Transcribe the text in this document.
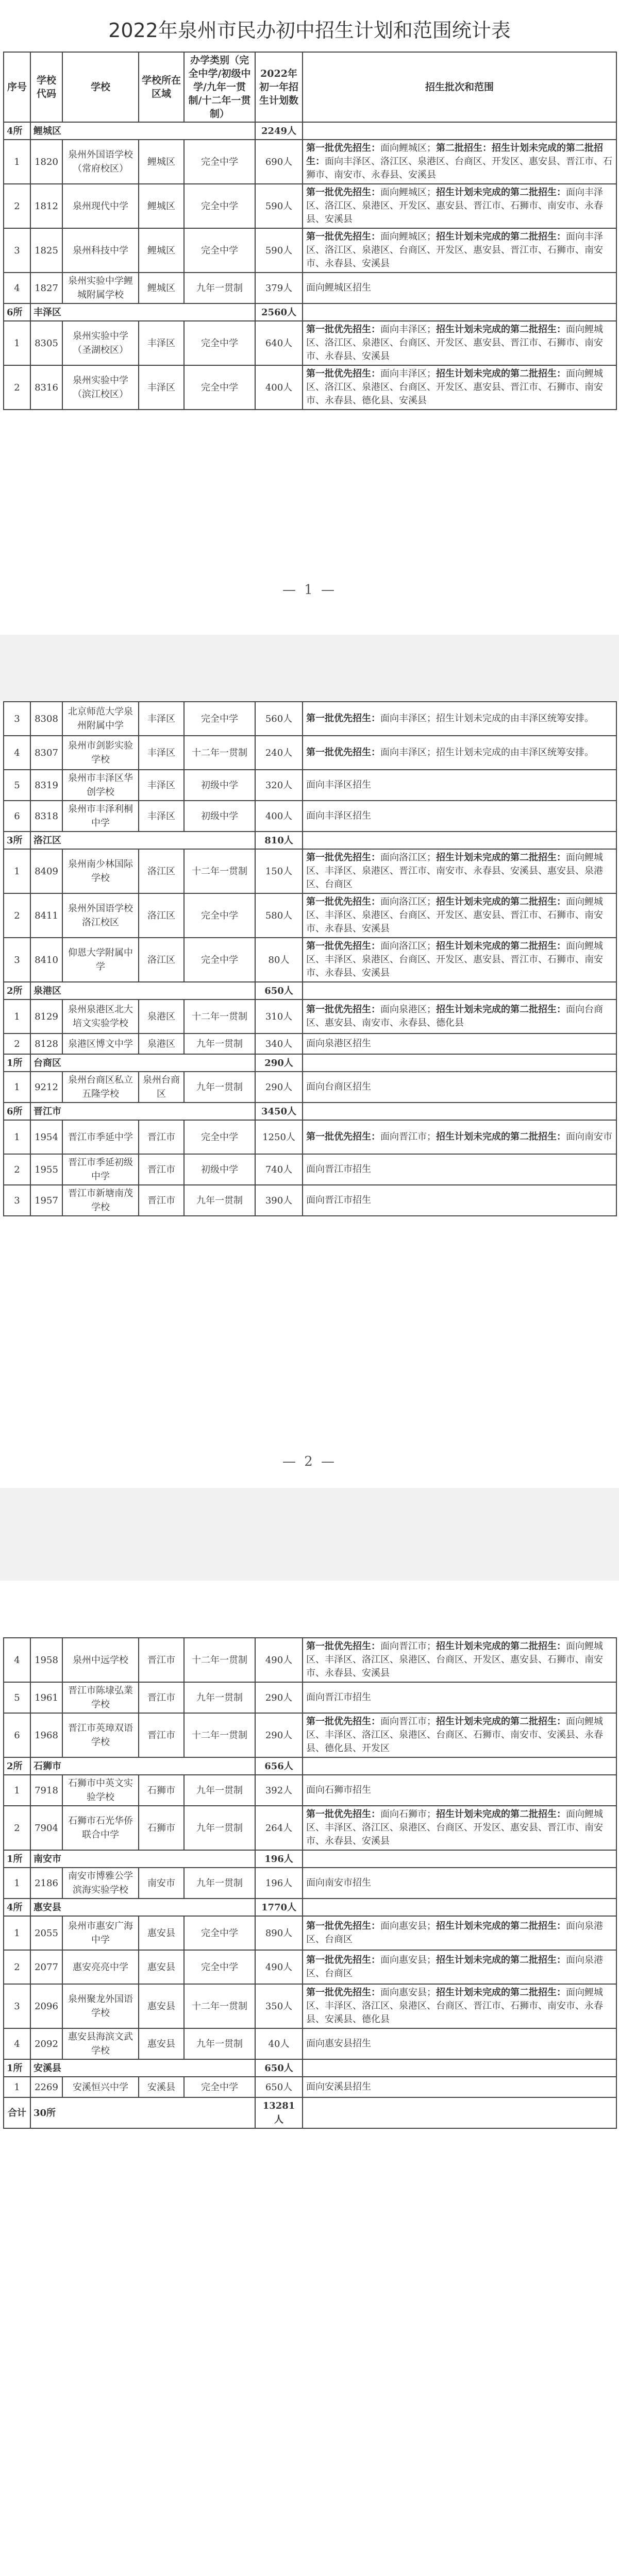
2022年泉州市民办初中招生计划和范围统计表
序号	学校代码	学校	学校所在区域	办学类别（完全中学/初级中学/九年一贯制/十二年一贯制）	2022年初一年招生计划数	招生批次和范围
4所	鲤城区				2249人	
1	1820	泉州外国语学校（常府校区）	鲤城区	完全中学	690人	第一批优先招生：面向鲤城区；第二批招生：招生计划未完成的第二批招生：面向丰泽区、洛江区、泉港区、台商区、开发区、惠安县、晋江市、石狮市、南安市、永春县、安溪县
2	1812	泉州现代中学	鲤城区	完全中学	590人	第一批优先招生：面向鲤城区；招生计划未完成的第二批招生：面向丰泽区、洛江区、泉港区、开发区、惠安县、晋江市、石狮市、南安市、永春县、安溪县
3	1825	泉州科技中学	鲤城区	完全中学	590人	第一批优先招生：面向鲤城区；招生计划未完成的第二批招生：面向丰泽区、洛江区、泉港区、台商区、开发区、惠安县、晋江市、石狮市、南安市、永春县、安溪县
4	1827	泉州实验中学鲤城附属学校	鲤城区	九年一贯制	379人	面向鲤城区招生
6所	丰泽区				2560人	
1	8305	泉州实验中学（圣湖校区）	丰泽区	完全中学	640人	第一批优先招生：面向丰泽区；招生计划未完成的第二批招生：面向鲤城区、洛江区、泉港区、台商区、开发区、惠安县、晋江市、石狮市、南安市、永春县、安溪县
2	8316	泉州实验中学（滨江校区）	丰泽区	完全中学	400人	第一批优先招生：面向丰泽区；招生计划未完成的第二批招生：面向鲤城区、洛江区、泉港区、台商区、开发区、惠安县、晋江市、石狮市、南安市、永春县、德化县、安溪县
— 1 —
3	8308	北京师范大学泉州附属中学	丰泽区	完全中学	560人	第一批优先招生：面向丰泽区；招生计划未完成的由丰泽区统筹安排。
4	8307	泉州市剑影实验学校	丰泽区	十二年一贯制	240人	第一批优先招生：面向丰泽区；招生计划未完成的由丰泽区统筹安排。
5	8319	泉州市丰泽区华创学校	丰泽区	初级中学	320人	面向丰泽区招生
6	8318	泉州市丰泽利桐中学	丰泽区	初级中学	400人	面向丰泽区招生
3所	洛江区				810人	
1	8409	泉州南少林国际学校	洛江区	十二年一贯制	150人	第一批优先招生：面向洛江区；招生计划未完成的第二批招生：面向鲤城区、丰泽区、泉港区、晋江市、南安市、永春县、安溪县、惠安县、泉港区、台商区
2	8411	泉州外国语学校洛江校区	洛江区	完全中学	580人	第一批优先招生：面向洛江区；招生计划未完成的第二批招生：面向鲤城区、丰泽区、泉港区、台商区、开发区、惠安县、晋江市、石狮市、南安市、永春县、安溪县
3	8410	仰恩大学附属中学	洛江区	完全中学	80人	第一批优先招生：面向洛江区；招生计划未完成的第二批招生：面向鲤城区、丰泽区、泉港区、台商区、开发区、惠安县、晋江市、石狮市、南安市、永春县、安溪县
2所	泉港区				650人	
1	8129	泉州泉港区北大培文实验学校	泉港区	十二年一贯制	310人	第一批优先招生：面向泉港区；招生计划未完成的第二批招生：面向台商区、惠安县、南安市、永春县、德化县
2	8128	泉港区博文中学	泉港区	九年一贯制	340人	面向泉港区招生
1所	台商区				290人	
1	9212	泉州台商区私立五隆学校	泉州台商区	九年一贯制	290人	面向台商区招生
6所	晋江市				3450人	
1	1954	晋江市季延中学	晋江市	完全中学	1250人	第一批优先招生：面向晋江市；招生计划未完成的第二批招生：面向南安市
2	1955	晋江市季延初级中学	晋江市	初级中学	740人	面向晋江市招生
3	1957	晋江市新塘南茂学校	晋江市	九年一贯制	390人	面向晋江市招生
— 2 —
4	1958	泉州中远学校	晋江市	十二年一贯制	490人	第一批优先招生：面向晋江市；招生计划未完成的第二批招生：面向鲤城区、丰泽区、洛江区、泉港区、台商区、开发区、惠安县、石狮市、南安市、永春县、安溪县
5	1961	晋江市陈埭弘業学校	晋江市	九年一贯制	290人	面向晋江市招生
6	1968	晋江市英璋双语学校	晋江市	十二年一贯制	290人	第一批优先招生：面向晋江市；招生计划未完成的第二批招生：面向鲤城区、丰泽区、洛江区、泉港区、台商区、石狮市、南安市、安溪县、永春县、德化县、开发区
2所	石狮市				656人	
1	7918	石狮市中英文实验学校	石狮市	九年一贯制	392人	面向石狮市招生
2	7904	石狮市石光华侨联合中学	石狮市	九年一贯制	264人	第一批优先招生：面向石狮市；招生计划未完成的第二批招生：面向鲤城区、丰泽区、洛江区、泉港区、台商区、开发区、惠安县、晋江市、南安市、永春县、安溪县
1所	南安市				196人	
1	2186	南安市博雅公学滨海实验学校	南安市	九年一贯制	196人	面向南安市招生
4所	惠安县				1770人	
1	2055	泉州市惠安广海中学	惠安县	完全中学	890人	第一批优先招生：面向惠安县；招生计划未完成的第二批招生：面向泉港区、台商区
2	2077	惠安亮亮中学	惠安县	完全中学	490人	第一批优先招生：面向惠安县；招生计划未完成的第二批招生：面向泉港区、台商区
3	2096	泉州聚龙外国语学校	惠安县	十二年一贯制	350人	第一批优先招生：面向惠安县；招生计划未完成的第二批招生：面向鲤城区、丰泽区、洛江区、泉港区、台商区、晋江市、石狮市、南安市、永春县、安溪县、德化县
4	2092	惠安县海滨文武学校	惠安县	九年一贯制	40人	面向惠安县招生
1所	安溪县				650人	
1	2269	安溪恒兴中学	安溪县	完全中学	650人	面向安溪县招生
合计	30所				13281人	
